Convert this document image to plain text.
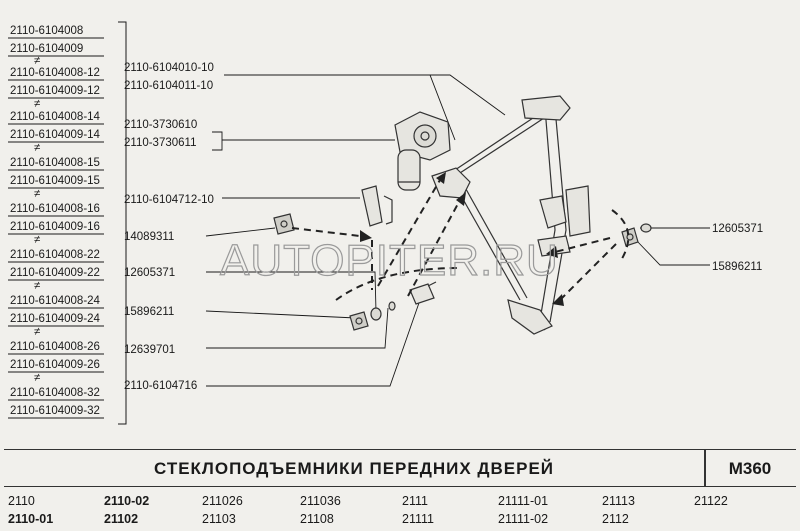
2110-6104008
2110-6104009
≠
2110-6104008-12
2110-6104009-12
≠
2110-6104008-14
2110-6104009-14
≠
2110-6104008-15
2110-6104009-15
≠
2110-6104008-16
2110-6104009-16
≠
2110-6104008-22
2110-6104009-22
≠
2110-6104008-24
2110-6104009-24
≠
2110-6104008-26
2110-6104009-26
≠
2110-6104008-32
2110-6104009-32
2110-6104010-10
2110-6104011-10
2110-3730610
2110-3730611
2110-6104712-10
14089311
12605371
15896211
12639701
2110-6104716
12605371
15896211
AUTOPITER.RU
СТЕКЛОПОДЪЕМНИКИ ПЕРЕДНИХ ДВЕРЕЙ	М360
2110	2110-02	211026	211036	2111	21111-01	21113	21122
2110-01	21102	21103	21108	21111	21111-02	2112
